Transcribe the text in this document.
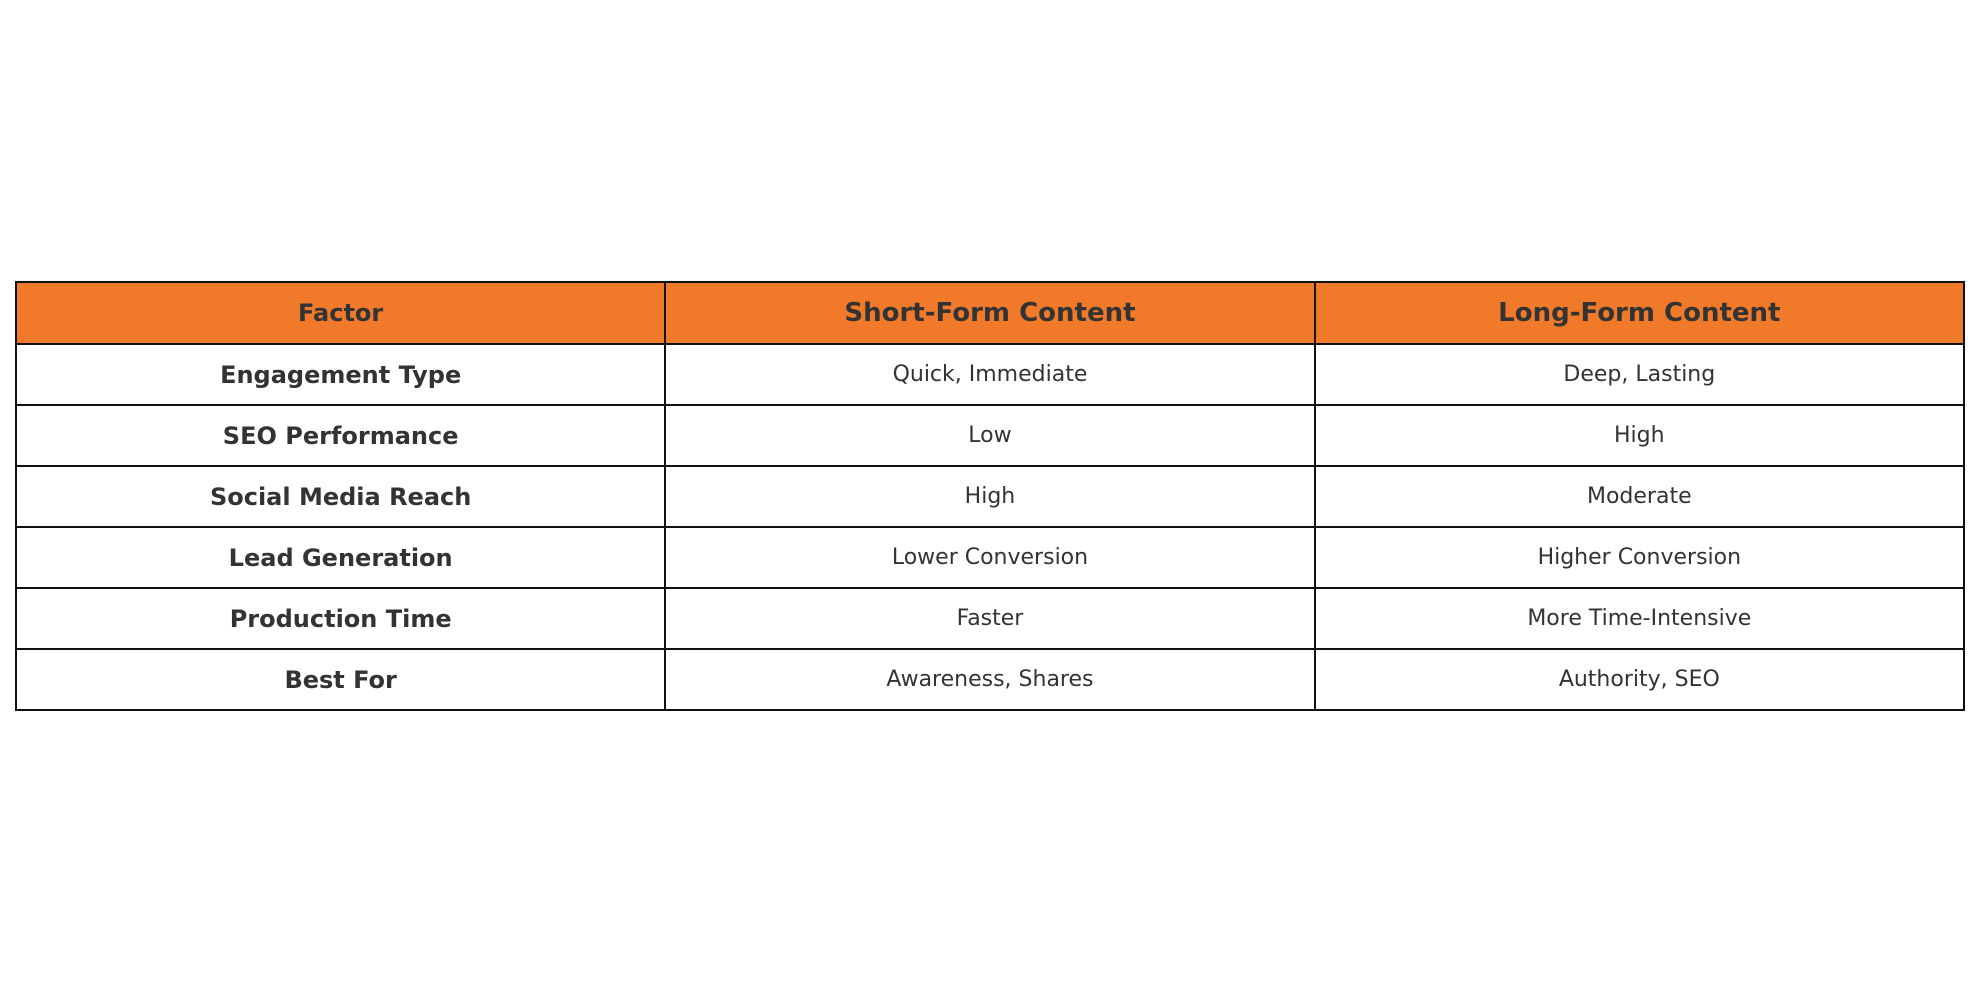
Factor	Short-Form Content	Long-Form Content
Engagement Type	Quick, Immediate	Deep, Lasting
SEO Performance	Low	High
Social Media Reach	High	Moderate
Lead Generation	Lower Conversion	Higher Conversion
Production Time	Faster	More Time-Intensive
Best For	Awareness, Shares	Authority, SEO
